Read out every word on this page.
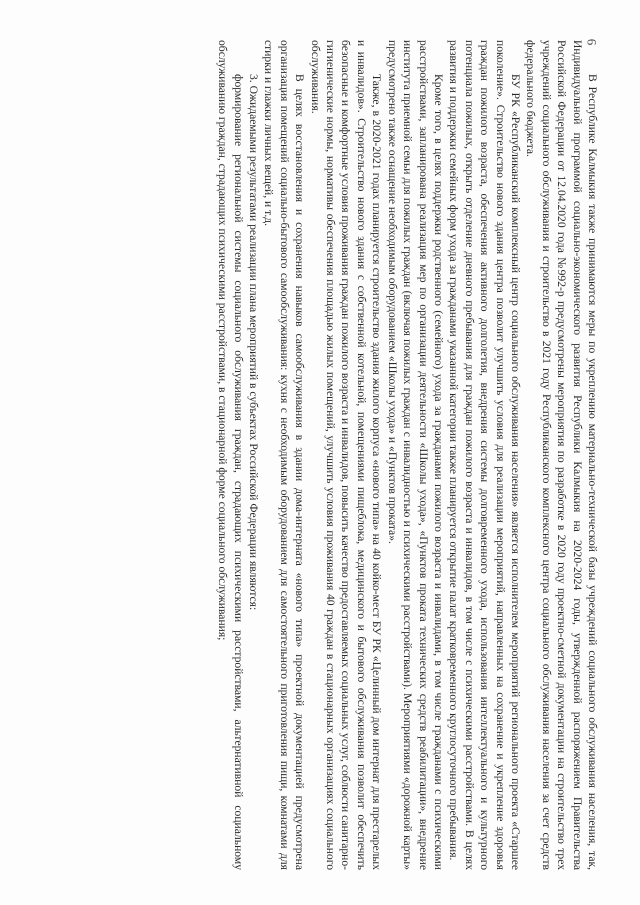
6

В Республике Калмыкия также принимаются меры по укреплению материально-технической базы учреждений социального обслуживания населения, так, Индивидуальной программой социально-экономического развития Республики Калмыкия на 2020-2024 годы, утвержденной распоряжением Правительства Российской Федерации от 12.04.2020 года №992-р предусмотрены мероприятия по разработке в 2020 году проектно-сметной документации на строительство трех учреждений социального обслуживания и строительство в 2021 году Республиканского комплексного центра социального обслуживания населения за счет средств федерального бюджета.

БУ РК «Республиканский комплексный центр социального обслуживания населения» является исполнителем мероприятий регионального проекта «Старшее поколение». Строительство нового здания центра позволит улучшить условия для реализации мероприятий, направленных на сохранение и укрепление здоровья граждан пожилого возраста, обеспечения активного долголетия, внедрения системы долговременного ухода, использования интеллектуального и культурного потенциала пожилых, открыть отделение дневного пребывания для граждан пожилого возраста и инвалидов, в том числе с психическими расстройствами. В целях развития и поддержки семейных форм ухода за гражданами указанной категории также планируется открытие палат кратковременного круглосуточного пребывания.

Кроме того, в целях поддержки родственного (семейного) ухода за гражданами пожилого возраста и инвалидами, в том числе гражданами с психическими расстройствами, запланирована реализация мер по организации деятельности «Школы ухода», «Пунктов проката технических средств реабилитации», внедрение института приемной семьи для пожилых граждан (включая пожилых граждан с инвалидностью и психическими расстройствами). Мероприятиями «дорожной карты» предусмотрено также оснащение необходимым оборудованием «Школы ухода» и «Пунктов проката».

Также, в 2020-2021 годах планируется строительство здания жилого корпуса «нового типа» на 40 койко-мест БУ РК «Целинный дом интернат для престарелых и инвалидов». Строительство нового здания с собственной котельной, помещениями пищеблока, медицинского и бытового обслуживания позволит обеспечить безопасные и комфортные условия проживания граждан пожилого возраста и инвалидов, повысить качество предоставляемых социальных услуг, соблюсти санитарно-гигиенические нормы, нормативы обеспечения площадью жилых помещений, улучшить условия проживания 40 граждан в стационарных организациях социального обслуживания.

В целях восстановления и сохранения навыков самообслуживания в здании дома-интерната «нового типа» проектной документацией предусмотрена организация помещений социально-бытового самообслуживания: кухня с необходимым оборудованием для самостоятельного приготовления пищи, комнатами для стирки и глажки личных вещей, и т.д.

3. Ожидаемыми результатами реализации плана мероприятий в субъектах Российской Федерации являются:

формирование региональной системы социального обслуживания граждан, страдающих психическими расстройствами, альтернативной социальному обслуживанию граждан, страдающих психическими расстройствами, в стационарной форме социального обслуживания;
